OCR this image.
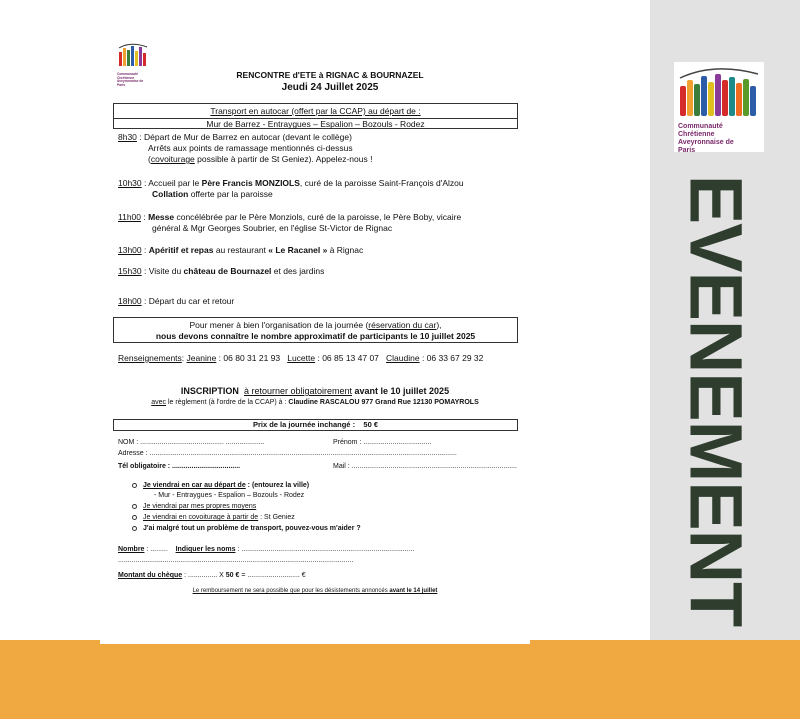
Communauté
Chrétienne
Aveyronnaise de
Paris
Communauté
Chrétienne
Aveyronnaise de
Paris
EVENEMENT
RENCONTRE d'ETE à RIGNAC & BOURNAZEL
Jeudi 24 Juillet 2025
Transport en autocar (offert par la CCAP) au départ de :
Mur de Barrez - Entraygues – Espalion – Bozouls - Rodez
8h30 : Départ de Mur de Barrez en autocar (devant le collège)
Arrêts aux points de ramassage mentionnés ci-dessus
(covoiturage possible à partir de St Geniez). Appelez-nous !
10h30 : Accueil par le Père Francis MONZIOLS, curé de la paroisse Saint-François d'Alzou
Collation offerte par la paroisse
11h00 : Messe concélébrée par le Père Monziols, curé de la paroisse, le Père Boby, vicaire
général & Mgr Georges Soubrier, en l'église St-Victor de Rignac
13h00 : Apéritif et repas au restaurant « Le Racanel » à Rignac
15h30 : Visite du château de Bournazel et des jardins
18h00 : Départ du car et retour
Pour mener à bien l'organisation de la journée (réservation du car),
nous devons connaître le nombre approximatif de participants le 10 juillet 2025
Renseignements: Jeanine : 06 80 31 21 93 Lucette : 06 85 13 47 07 Claudine : 06 33 67 29 32
INSCRIPTION à retourner obligatoirement avant le 10 juillet 2025
avec le règlement (à l'ordre de la CCAP) à : Claudine RASCALOU 977 Grand Rue 12130 POMAYROLS
Prix de la journée inchangé : 50 €
NOM : ........................................... ....................	Prénom : ...................................
Adresse : ..............................................................................................................................................................
Tél obligatoire : ...................................	Mail : .....................................................................................
Je viendrai en car au départ de : (entourez la ville)
- Mur - Entraygues - Espalion – Bozouls - Rodez
Je viendrai par mes propres moyens
Je viendrai en covoiturage à partir de : St Geniez
J'ai malgré tout un problème de transport, pouvez-vous m'aider ?
Nombre : ......... Indiquer les noms : .........................................................................................
.........................................................................................................................
Montant du chèque : ............... X 50 € = ........................... €
Le remboursement ne sera possible que pour les désistements annoncés avant le 14 juillet
